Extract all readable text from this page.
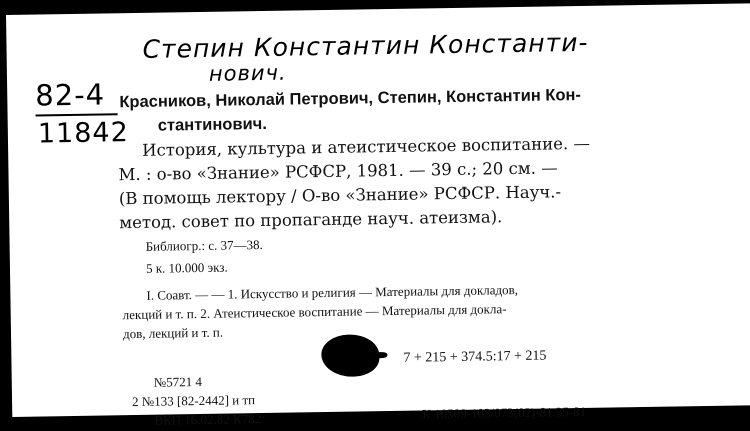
Степин Константин Константи-
нович.
82-4
11842
Красников, Николай Петрович, Степин, Константин Кон-
стантинович.
История, культура и атеистическое воспитание. —
М. : о-во «Знание» РСФСР, 1981. — 39 с.; 20 см. —
(В помощь лектору / О-во «Знание» РСФСР. Науч.-
метод. совет по пропаганде науч. атеизма).
Библиогр.: с. 37—38.
5 к. 10.000 экз.
I. Соавт. — — 1. Искусство и религия — Материалы для докладов,
лекций и т. п. 2. Атеистическое воспитание — Материалы для докла-
дов, лекций и т. п.
7 + 215 + 374.5:17 + 215
№5721 4
2 №133 [82-2442] и тп
ВКП 16.02.82 К782	К 10509-103/073(02)-81 35-81
